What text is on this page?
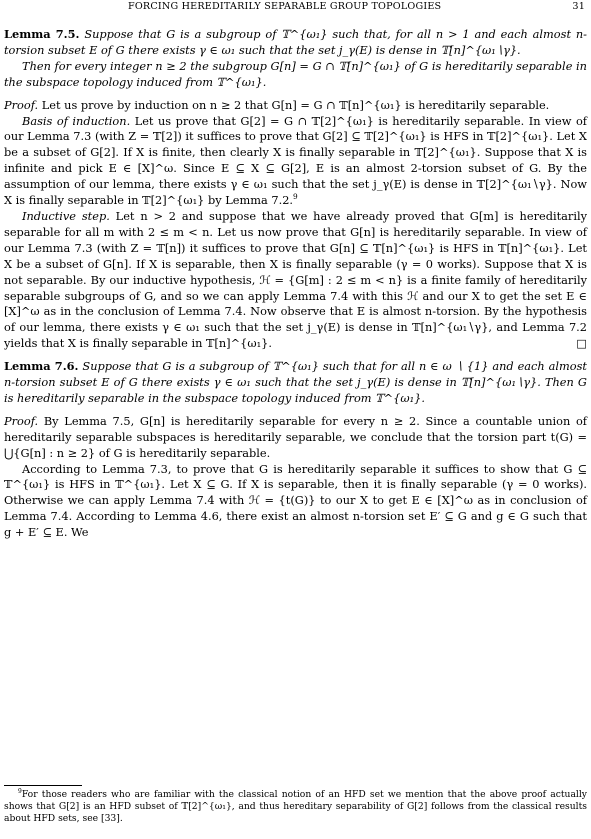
FORCING HEREDITARILY SEPARABLE GROUP TOPOLOGIES	31

Lemma 7.5. Suppose that G is a subgroup of 𝕋^{ω₁} such that, for all n > 1 and each almost n-torsion subset E of G there exists γ ∈ ω₁ such that the set j_γ(E) is dense in 𝕋[n]^{ω₁∖γ}.

Then for every integer n ≥ 2 the subgroup G[n] = G ∩ 𝕋[n]^{ω₁} of G is hereditarily separable in the subspace topology induced from 𝕋^{ω₁}.

Proof. Let us prove by induction on n ≥ 2 that G[n] = G ∩ 𝕋[n]^{ω₁} is hereditarily separable.

Basis of induction. Let us prove that G[2] = G ∩ 𝕋[2]^{ω₁} is hereditarily separable. In view of our Lemma 7.3 (with Z = 𝕋[2]) it suffices to prove that G[2] ⊆ 𝕋[2]^{ω₁} is HFS in 𝕋[2]^{ω₁}. Let X be a subset of G[2]. If X is finite, then clearly X is finally separable in 𝕋[2]^{ω₁}. Suppose that X is infinite and pick E ∈ [X]^ω. Since E ⊆ X ⊆ G[2], E is an almost 2-torsion subset of G. By the assumption of our lemma, there exists γ ∈ ω₁ such that the set j_γ(E) is dense in 𝕋[2]^{ω₁∖γ}. Now X is finally separable in 𝕋[2]^{ω₁} by Lemma 7.2.$^9$

Inductive step. Let n > 2 and suppose that we have already proved that G[m] is hereditarily separable for all m with 2 ≤ m < n. Let us now prove that G[n] is hereditarily separable. In view of our Lemma 7.3 (with Z = 𝕋[n]) it suffices to prove that G[n] ⊆ 𝕋[n]^{ω₁} is HFS in 𝕋[n]^{ω₁}. Let X be a subset of G[n]. If X is separable, then X is finally separable (γ = 0 works). Suppose that X is not separable. By our inductive hypothesis, ℋ = {G[m] : 2 ≤ m < n} is a finite family of hereditarily separable subgroups of G, and so we can apply Lemma 7.4 with this ℋ and our X to get the set E ∈ [X]^ω as in the conclusion of Lemma 7.4. Now observe that E is almost n-torsion. By the hypothesis of our lemma, there exists γ ∈ ω₁ such that the set j_γ(E) is dense in 𝕋[n]^{ω₁∖γ}, and Lemma 7.2 yields that X is finally separable in 𝕋[n]^{ω₁}.	□

Lemma 7.6. Suppose that G is a subgroup of 𝕋^{ω₁} such that for all n ∈ ω ∖ {1} and each almost n-torsion subset E of G there exists γ ∈ ω₁ such that the set j_γ(E) is dense in 𝕋[n]^{ω₁∖γ}. Then G is hereditarily separable in the subspace topology induced from 𝕋^{ω₁}.

Proof. By Lemma 7.5, G[n] is hereditarily separable for every n ≥ 2. Since a countable union of hereditarily separable subspaces is hereditarily separable, we conclude that the torsion part t(G) = ⋃{G[n] : n ≥ 2} of G is hereditarily separable.

According to Lemma 7.3, to prove that G is hereditarily separable it suffices to show that G ⊆ 𝕋^{ω₁} is HFS in 𝕋^{ω₁}. Let X ⊆ G. If X is separable, then it is finally separable (γ = 0 works). Otherwise we can apply Lemma 7.4 with ℋ = {t(G)} to our X to get E ∈ [X]^ω as in conclusion of Lemma 7.4. According to Lemma 4.6, there exist an almost n-torsion set E′ ⊆ G and g ∈ G such that g + E′ ⊆ E. We

$^9$For those readers who are familiar with the classical notion of an HFD set we mention that the above proof actually shows that G[2] is an HFD subset of 𝕋[2]^{ω₁}, and thus hereditary separability of G[2] follows from the classical results about HFD sets, see [33].
